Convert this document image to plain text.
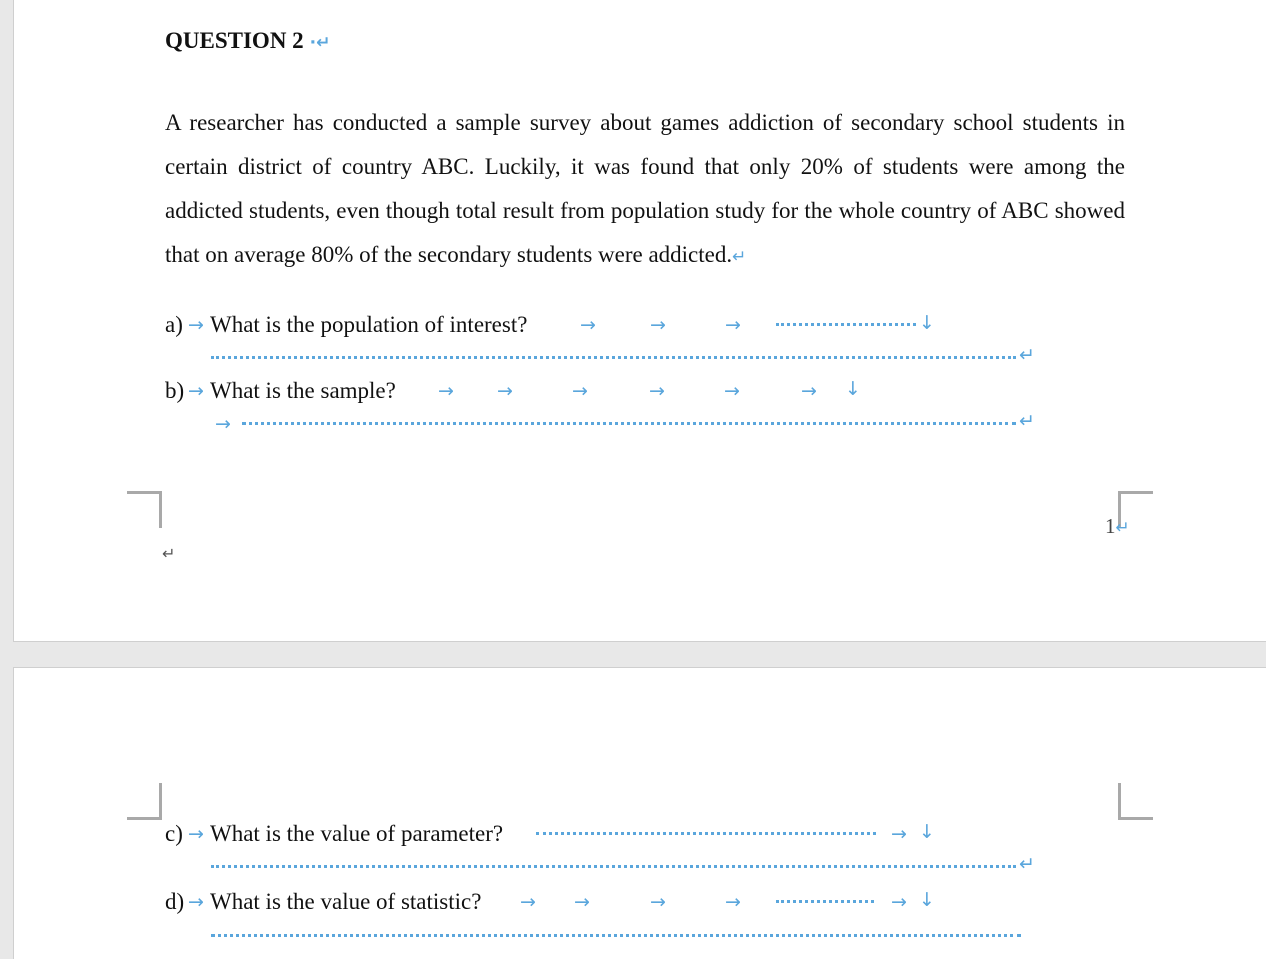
QUESTION 2 ·↵
A researcher has conducted a sample survey about games addiction of secondary school students in certain district of country ABC. Luckily, it was found that only 20% of students were among the addicted students, even though total result from population study for the whole country of ABC showed that on average 80% of the secondary students were addicted.↵
a) → What is the population of interest?	→	→	→	↓
↵
b) → What is the sample? → →	→	→	→	→ ↓
→	↵
1↵
↵
c) → What is the value of parameter?	→ ↓
↵
d) → What is the value of statistic? → →	→	→	→ ↓
